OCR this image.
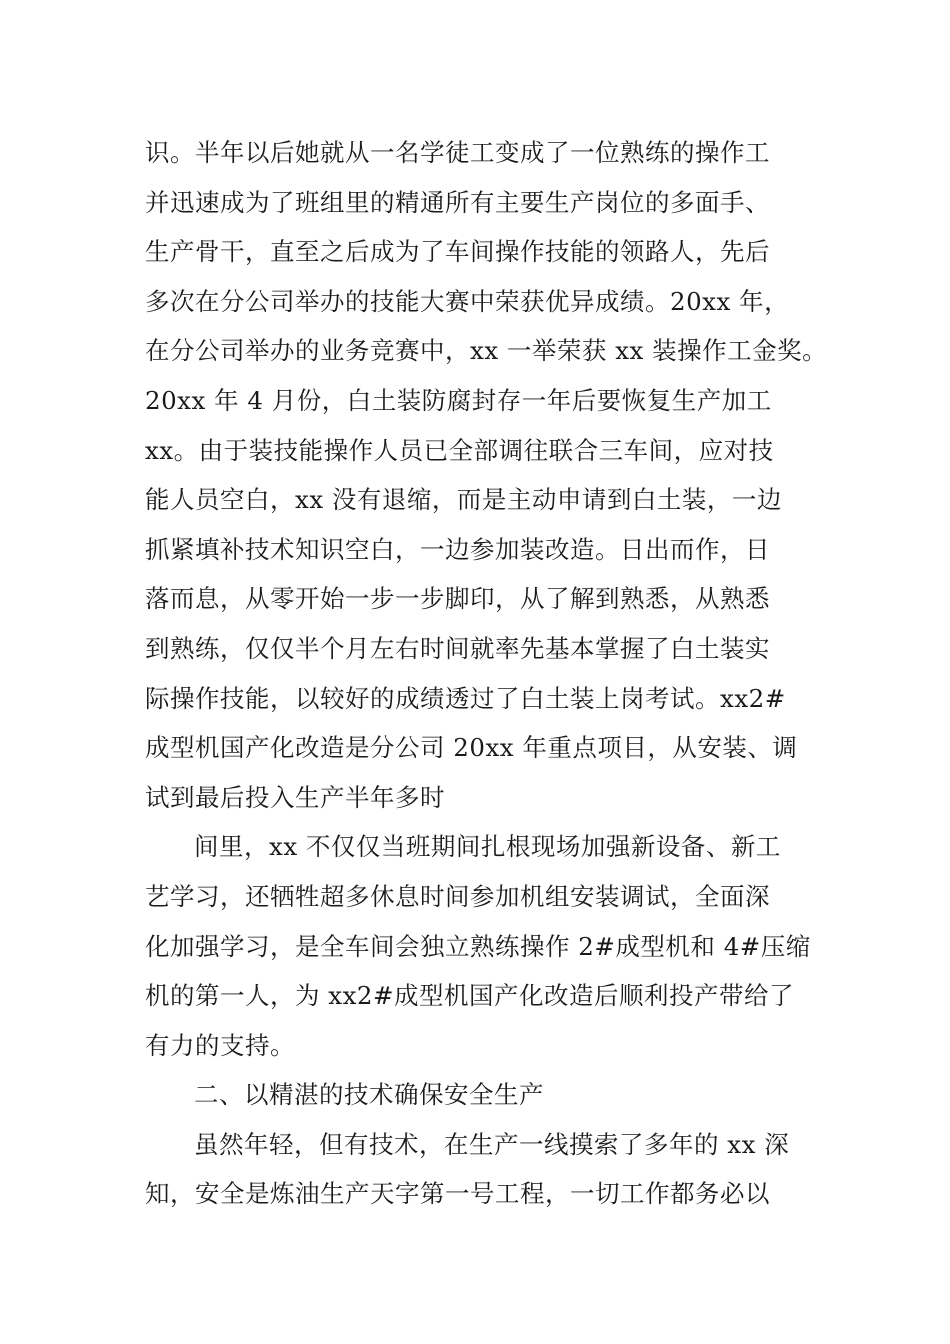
识。半年以后她就从一名学徒工变成了一位熟练的操作工
并迅速成为了班组里的精通所有主要生产岗位的多面手、
生产骨干，直至之后成为了车间操作技能的领路人，先后
多次在分公司举办的技能大赛中荣获优异成绩。20xx 年，
在分公司举办的业务竞赛中，xx 一举荣获 xx 装操作工金奖。
20xx 年 4 月份，白土装防腐封存一年后要恢复生产加工
xx。由于装技能操作人员已全部调往联合三车间，应对技
能人员空白，xx 没有退缩，而是主动申请到白土装，一边
抓紧填补技术知识空白，一边参加装改造。日出而作，日
落而息，从零开始一步一步脚印，从了解到熟悉，从熟悉
到熟练，仅仅半个月左右时间就率先基本掌握了白土装实
际操作技能，以较好的成绩透过了白土装上岗考试。xx2#
成型机国产化改造是分公司 20xx 年重点项目，从安装、调
试到最后投入生产半年多时
间里，xx 不仅仅当班期间扎根现场加强新设备、新工
艺学习，还牺牲超多休息时间参加机组安装调试，全面深
化加强学习，是全车间会独立熟练操作 2#成型机和 4#压缩
机的第一人，为 xx2#成型机国产化改造后顺利投产带给了
有力的支持。
二、以精湛的技术确保安全生产
虽然年轻，但有技术，在生产一线摸索了多年的 xx 深
知，安全是炼油生产天字第一号工程，一切工作都务必以
